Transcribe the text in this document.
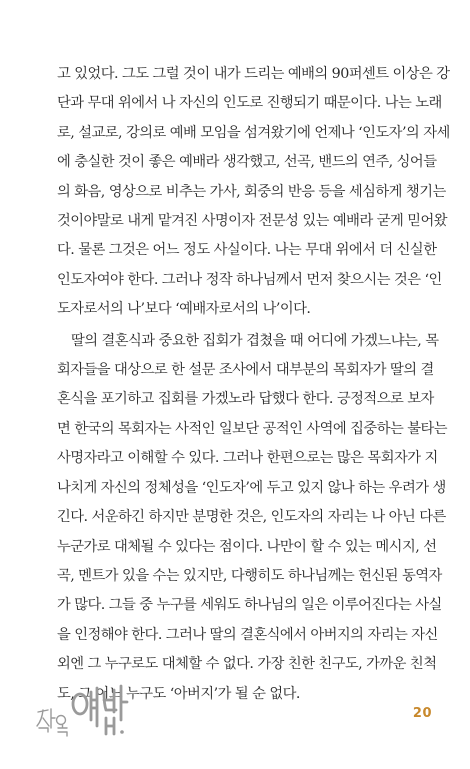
고 있었다. 그도 그럴 것이 내가 드리는 예배의 90퍼센트 이상은 강
단과 무대 위에서 나 자신의 인도로 진행되기 때문이다. 나는 노래
로, 설교로, 강의로 예배 모임을 섬겨왔기에 언제나 ‘인도자’의 자세
에 충실한 것이 좋은 예배라 생각했고, 선곡, 밴드의 연주, 싱어들
의 화음, 영상으로 비추는 가사, 회중의 반응 등을 세심하게 챙기는
것이야말로 내게 맡겨진 사명이자 전문성 있는 예배라 굳게 믿어왔
다. 물론 그것은 어느 정도 사실이다. 나는 무대 위에서 더 신실한
인도자여야 한다. 그러나 정작 하나님께서 먼저 찾으시는 것은 ‘인
도자로서의 나’보다 ‘예배자로서의 나’이다.

딸의 결혼식과 중요한 집회가 겹쳤을 때 어디에 가겠느냐는, 목
회자들을 대상으로 한 설문 조사에서 대부분의 목회자가 딸의 결
혼식을 포기하고 집회를 가겠노라 답했다 한다. 긍정적으로 보자
면 한국의 목회자는 사적인 일보단 공적인 사역에 집중하는 불타는
사명자라고 이해할 수 있다. 그러나 한편으로는 많은 목회자가 지
나치게 자신의 정체성을 ‘인도자’에 두고 있지 않나 하는 우려가 생
긴다. 서운하긴 하지만 분명한 것은, 인도자의 자리는 나 아닌 다른
누군가로 대체될 수 있다는 점이다. 나만이 할 수 있는 메시지, 선
곡, 멘트가 있을 수는 있지만, 다행히도 하나님께는 헌신된 동역자
가 많다. 그들 중 누구를 세워도 하나님의 일은 이루어진다는 사실
을 인정해야 한다. 그러나 딸의 결혼식에서 아버지의 자리는 자신
외엔 그 누구로도 대체할 수 없다. 가장 친한 친구도, 가까운 친척
도, 그 어느 누구도 ‘아버지’가 될 순 없다.

20
